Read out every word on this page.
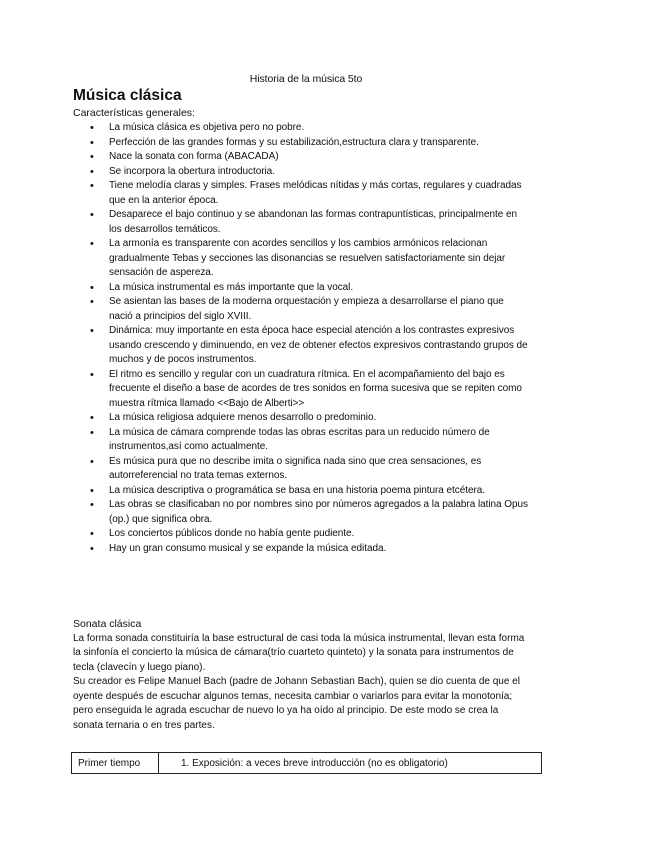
Historia de la música 5to
Música clásica
Características generales:
• La música clásica es objetiva pero no pobre.
• Perfección de las grandes formas y su estabilización,estructura clara y transparente.
• Nace la sonata con forma (ABACADA)
• Se incorpora la obertura introductoria.
• Tiene melodía claras y simples. Frases melódicas nítidas y más cortas, regulares y cuadradas que en la anterior época.
• Desaparece el bajo continuo y se abandonan las formas contrapuntísticas, principalmente en los desarrollos temáticos.
• La armonía es transparente con acordes sencillos y los cambios armónicos relacionan gradualmente Tebas y secciones las disonancias se resuelven satisfactoriamente sin dejar sensación de aspereza.
• La música instrumental es más importante que la vocal.
• Se asientan las bases de la moderna orquestación y empieza a desarrollarse el piano que nació a principios del siglo XVIII.
• Dinámica: muy importante en esta época hace especial atención a los contrastes expresivos usando crescendo y diminuendo, en vez de obtener efectos expresivos contrastando grupos de muchos y de pocos instrumentos.
• El ritmo es sencillo y regular con un cuadratura rítmica. En el acompañamiento del bajo es frecuente el diseño a base de acordes de tres sonidos en forma sucesiva que se repiten como muestra rítmica llamado <<Bajo de Alberti>>
• La música religiosa adquiere menos desarrollo o predominio.
• La música de cámara comprende todas las obras escritas para un reducido número de instrumentos,así como actualmente.
• Es música pura que no describe imita o significa nada sino que crea sensaciones, es autorreferencial no trata temas externos.
• La música descriptiva o programática se basa en una historia poema pintura etcétera.
• Las obras se clasificaban no por nombres sino por números agregados a la palabra latina Opus (op.) que significa obra.
• Los conciertos públicos donde no había gente pudiente.
• Hay un gran consumo musical y se expande la música editada.
Sonata clásica

La forma sonada constituiría la base estructural de casi toda la música instrumental, llevan esta forma la sinfonía el concierto la música de cámara(trío cuarteto quinteto) y la sonata para instrumentos de tecla (clavecín y luego piano).

Su creador es Felipe Manuel Bach (padre de Johann Sebastian Bach), quien se dio cuenta de que el oyente después de escuchar algunos temas, necesita cambiar o variarlos para evitar la monotonía; pero enseguida le agrada escuchar de nuevo lo ya ha oído al principio. De este modo se crea la sonata ternaria o en tres partes.

Primer tiempo	1. Exposición: a veces breve introducción (no es obligatorio)
